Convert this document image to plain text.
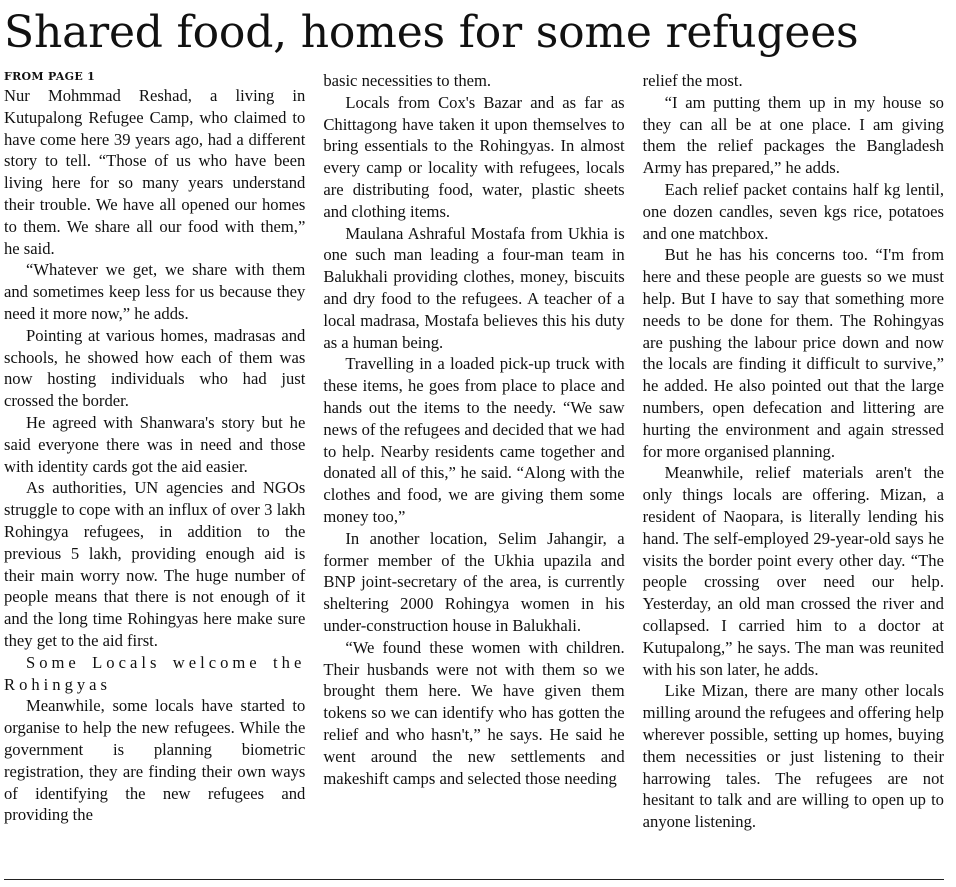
Shared food, homes for some refugees
FROM PAGE 1

Nur Mohmmad Reshad, a living in Kutupalong Refugee Camp, who claimed to have come here 39 years ago, had a different story to tell. “Those of us who have been living here for so many years understand their trouble. We have all opened our homes to them. We share all our food with them,” he said.

“Whatever we get, we share with them and sometimes keep less for us because they need it more now,” he adds.

Pointing at various homes, madrasas and schools, he showed how each of them was now hosting individuals who had just crossed the border.

He agreed with Shanwara's story but he said everyone there was in need and those with identity cards got the aid easier.

As authorities, UN agencies and NGOs struggle to cope with an influx of over 3 lakh Rohingya refugees, in addition to the previous 5 lakh, providing enough aid is their main worry now. The huge number of people means that there is not enough of it and the long time Rohingyas here make sure they get to the aid first.

Some Locals welcome the Rohingyas

Meanwhile, some locals have started to organise to help the new refugees. While the government is planning biometric registration, they are finding their own ways of identifying the new refugees and providing the

basic necessities to them.

Locals from Cox's Bazar and as far as Chittagong have taken it upon themselves to bring essentials to the Rohingyas. In almost every camp or locality with refugees, locals are distributing food, water, plastic sheets and clothing items.

Maulana Ashraful Mostafa from Ukhia is one such man leading a four-man team in Balukhali providing clothes, money, biscuits and dry food to the refugees. A teacher of a local madrasa, Mostafa believes this his duty as a human being.

Travelling in a loaded pick-up truck with these items, he goes from place to place and hands out the items to the needy. “We saw news of the refugees and decided that we had to help. Nearby residents came together and donated all of this,” he said. “Along with the clothes and food, we are giving them some money too,”

In another location, Selim Jahangir, a former member of the Ukhia upazila and BNP joint-secretary of the area, is currently sheltering 2000 Rohingya women in his under-construction house in Balukhali.

“We found these women with children. Their husbands were not with them so we brought them here. We have given them tokens so we can identify who has gotten the relief and who hasn't,” he says. He said he went around the new settlements and makeshift camps and selected those needing

relief the most.

“I am putting them up in my house so they can all be at one place. I am giving them the relief packages the Bangladesh Army has prepared,” he adds.

Each relief packet contains half kg lentil, one dozen candles, seven kgs rice, potatoes and one matchbox.

But he has his concerns too. “I'm from here and these people are guests so we must help. But I have to say that something more needs to be done for them. The Rohingyas are pushing the labour price down and now the locals are finding it difficult to survive,” he added. He also pointed out that the large numbers, open defecation and littering are hurting the environment and again stressed for more organised planning.

Meanwhile, relief materials aren't the only things locals are offering. Mizan, a resident of Naopara, is literally lending his hand. The self-employed 29-year-old says he visits the border point every other day. “The people crossing over need our help. Yesterday, an old man crossed the river and collapsed. I carried him to a doctor at Kutupalong,” he says. The man was reunited with his son later, he adds.

Like Mizan, there are many other locals milling around the refugees and offering help wherever possible, setting up homes, buying them necessities or just listening to their harrowing tales. The refugees are not hesitant to talk and are willing to open up to anyone listening.
